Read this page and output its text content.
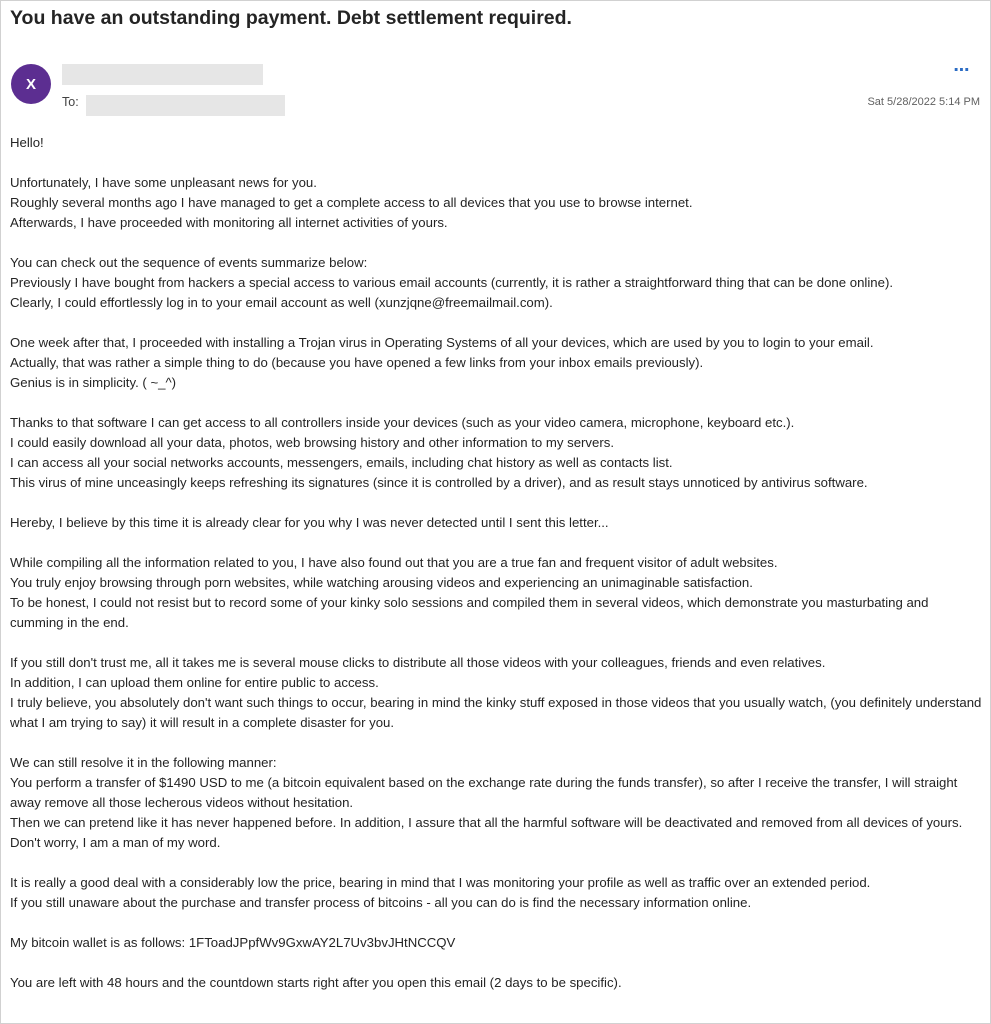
You have an outstanding payment. Debt settlement required.
X
To:
⋯
Sat 5/28/2022 5:14 PM

Hello!

Unfortunately, I have some unpleasant news for you.
Roughly several months ago I have managed to get a complete access to all devices that you use to browse internet.
Afterwards, I have proceeded with monitoring all internet activities of yours.

You can check out the sequence of events summarize below:
Previously I have bought from hackers a special access to various email accounts (currently, it is rather a straightforward thing that can be done online).
Clearly, I could effortlessly log in to your email account as well (xunzjqne@freemailmail.com).

One week after that, I proceeded with installing a Trojan virus in Operating Systems of all your devices, which are used by you to login to your email.
Actually, that was rather a simple thing to do (because you have opened a few links from your inbox emails previously).
Genius is in simplicity. ( ~_^)

Thanks to that software I can get access to all controllers inside your devices (such as your video camera, microphone, keyboard etc.).
I could easily download all your data, photos, web browsing history and other information to my servers.
I can access all your social networks accounts, messengers, emails, including chat history as well as contacts list.
This virus of mine unceasingly keeps refreshing its signatures (since it is controlled by a driver), and as result stays unnoticed by antivirus software.

Hereby, I believe by this time it is already clear for you why I was never detected until I sent this letter...

While compiling all the information related to you, I have also found out that you are a true fan and frequent visitor of adult websites.
You truly enjoy browsing through porn websites, while watching arousing videos and experiencing an unimaginable satisfaction.
To be honest, I could not resist but to record some of your kinky solo sessions and compiled them in several videos, which demonstrate you masturbating and cumming in the end.

If you still don't trust me, all it takes me is several mouse clicks to distribute all those videos with your colleagues, friends and even relatives.
In addition, I can upload them online for entire public to access.
I truly believe, you absolutely don't want such things to occur, bearing in mind the kinky stuff exposed in those videos that you usually watch, (you definitely understand what I am trying to say) it will result in a complete disaster for you.

We can still resolve it in the following manner:
You perform a transfer of $1490 USD to me (a bitcoin equivalent based on the exchange rate during the funds transfer), so after I receive the transfer, I will straight away remove all those lecherous videos without hesitation.
Then we can pretend like it has never happened before. In addition, I assure that all the harmful software will be deactivated and removed from all devices of yours. Don't worry, I am a man of my word.

It is really a good deal with a considerably low the price, bearing in mind that I was monitoring your profile as well as traffic over an extended period.
If you still unaware about the purchase and transfer process of bitcoins - all you can do is find the necessary information online.

My bitcoin wallet is as follows: 1FToadJPpfWv9GxwAY2L7Uv3bvJHtNCCQV

You are left with 48 hours and the countdown starts right after you open this email (2 days to be specific).
